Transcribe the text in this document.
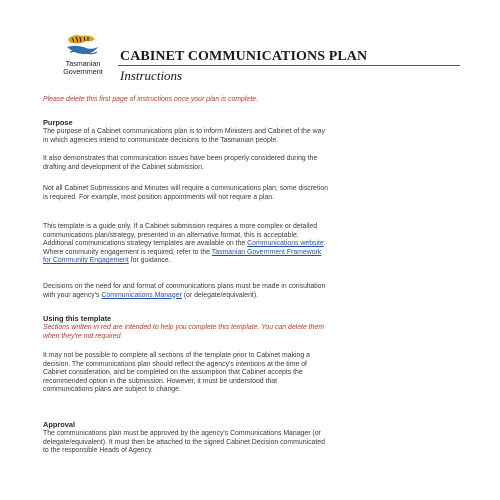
Tasmanian
Government
CABINET COMMUNICATIONS PLAN
Instructions
Please delete this first page of instructions once your plan is complete.
Purpose
The purpose of a Cabinet communications plan is to inform Ministers and Cabinet of the way
in which agencies intend to communicate decisions to the Tasmanian people.
It also demonstrates that communication issues have been properly considered during the
drafting and development of the Cabinet submission.
Not all Cabinet Submissions and Minutes will require a communications plan; some discretion
is required. For example, most position appointments will not require a plan.
This template is a guide only. If a Cabinet submission requires a more complex or detailed
communications plan/strategy, presented in an alternative format, this is acceptable.
Additional communications strategy templates are available on the Communications website.
Where community engagement is required, refer to the Tasmanian Government Framework
for Community Engagement for guidance.
Decisions on the need for and format of communications plans must be made in consultation
with your agency's Communications Manager (or delegate/equivalent).
Using this template
Sections written in red are intended to help you complete this template. You can delete them
when they're not required.
It may not be possible to complete all sections of the template prior to Cabinet making a
decision. The communications plan should reflect the agency's intentions at the time of
Cabinet consideration, and be completed on the assumption that Cabinet accepts the
recommended option in the submission. However, it must be understood that
communications plans are subject to change.
Approval
The communications plan must be approved by the agency's Communications Manager (or
delegate/equivalent). It must then be attached to the signed Cabinet Decision communicated
to the responsible Heads of Agency.
